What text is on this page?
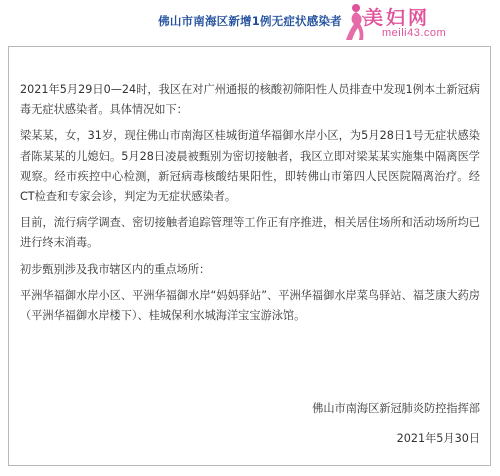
佛山市南海区新增1例无症状感染者	美妇网
meili43.com

2021年5月29日0—24时，我区在对广州通报的核酸初筛阳性人员排查中发现1例本土新冠病毒无症状感染者。具体情况如下：

梁某某，女，31岁，现住佛山市南海区桂城街道华福御水岸小区，为5月28日1号无症状感染者陈某某的儿媳妇。5月28日凌晨被甄别为密切接触者，我区立即对梁某某实施集中隔离医学观察。经市疾控中心检测，新冠病毒核酸结果阳性，即转佛山市第四人民医院隔离治疗。经CT检查和专家会诊，判定为无症状感染者。

目前，流行病学调查、密切接触者追踪管理等工作正有序推进，相关居住场所和活动场所均已进行终末消毒。

初步甄别涉及我市辖区内的重点场所：

平洲华福御水岸小区、平洲华福御水岸“妈妈驿站”、平洲华福御水岸菜鸟驿站、福芝康大药房（平洲华福御水岸楼下）、桂城保利水城海洋宝宝游泳馆。

佛山市南海区新冠肺炎防控指挥部
2021年5月30日
